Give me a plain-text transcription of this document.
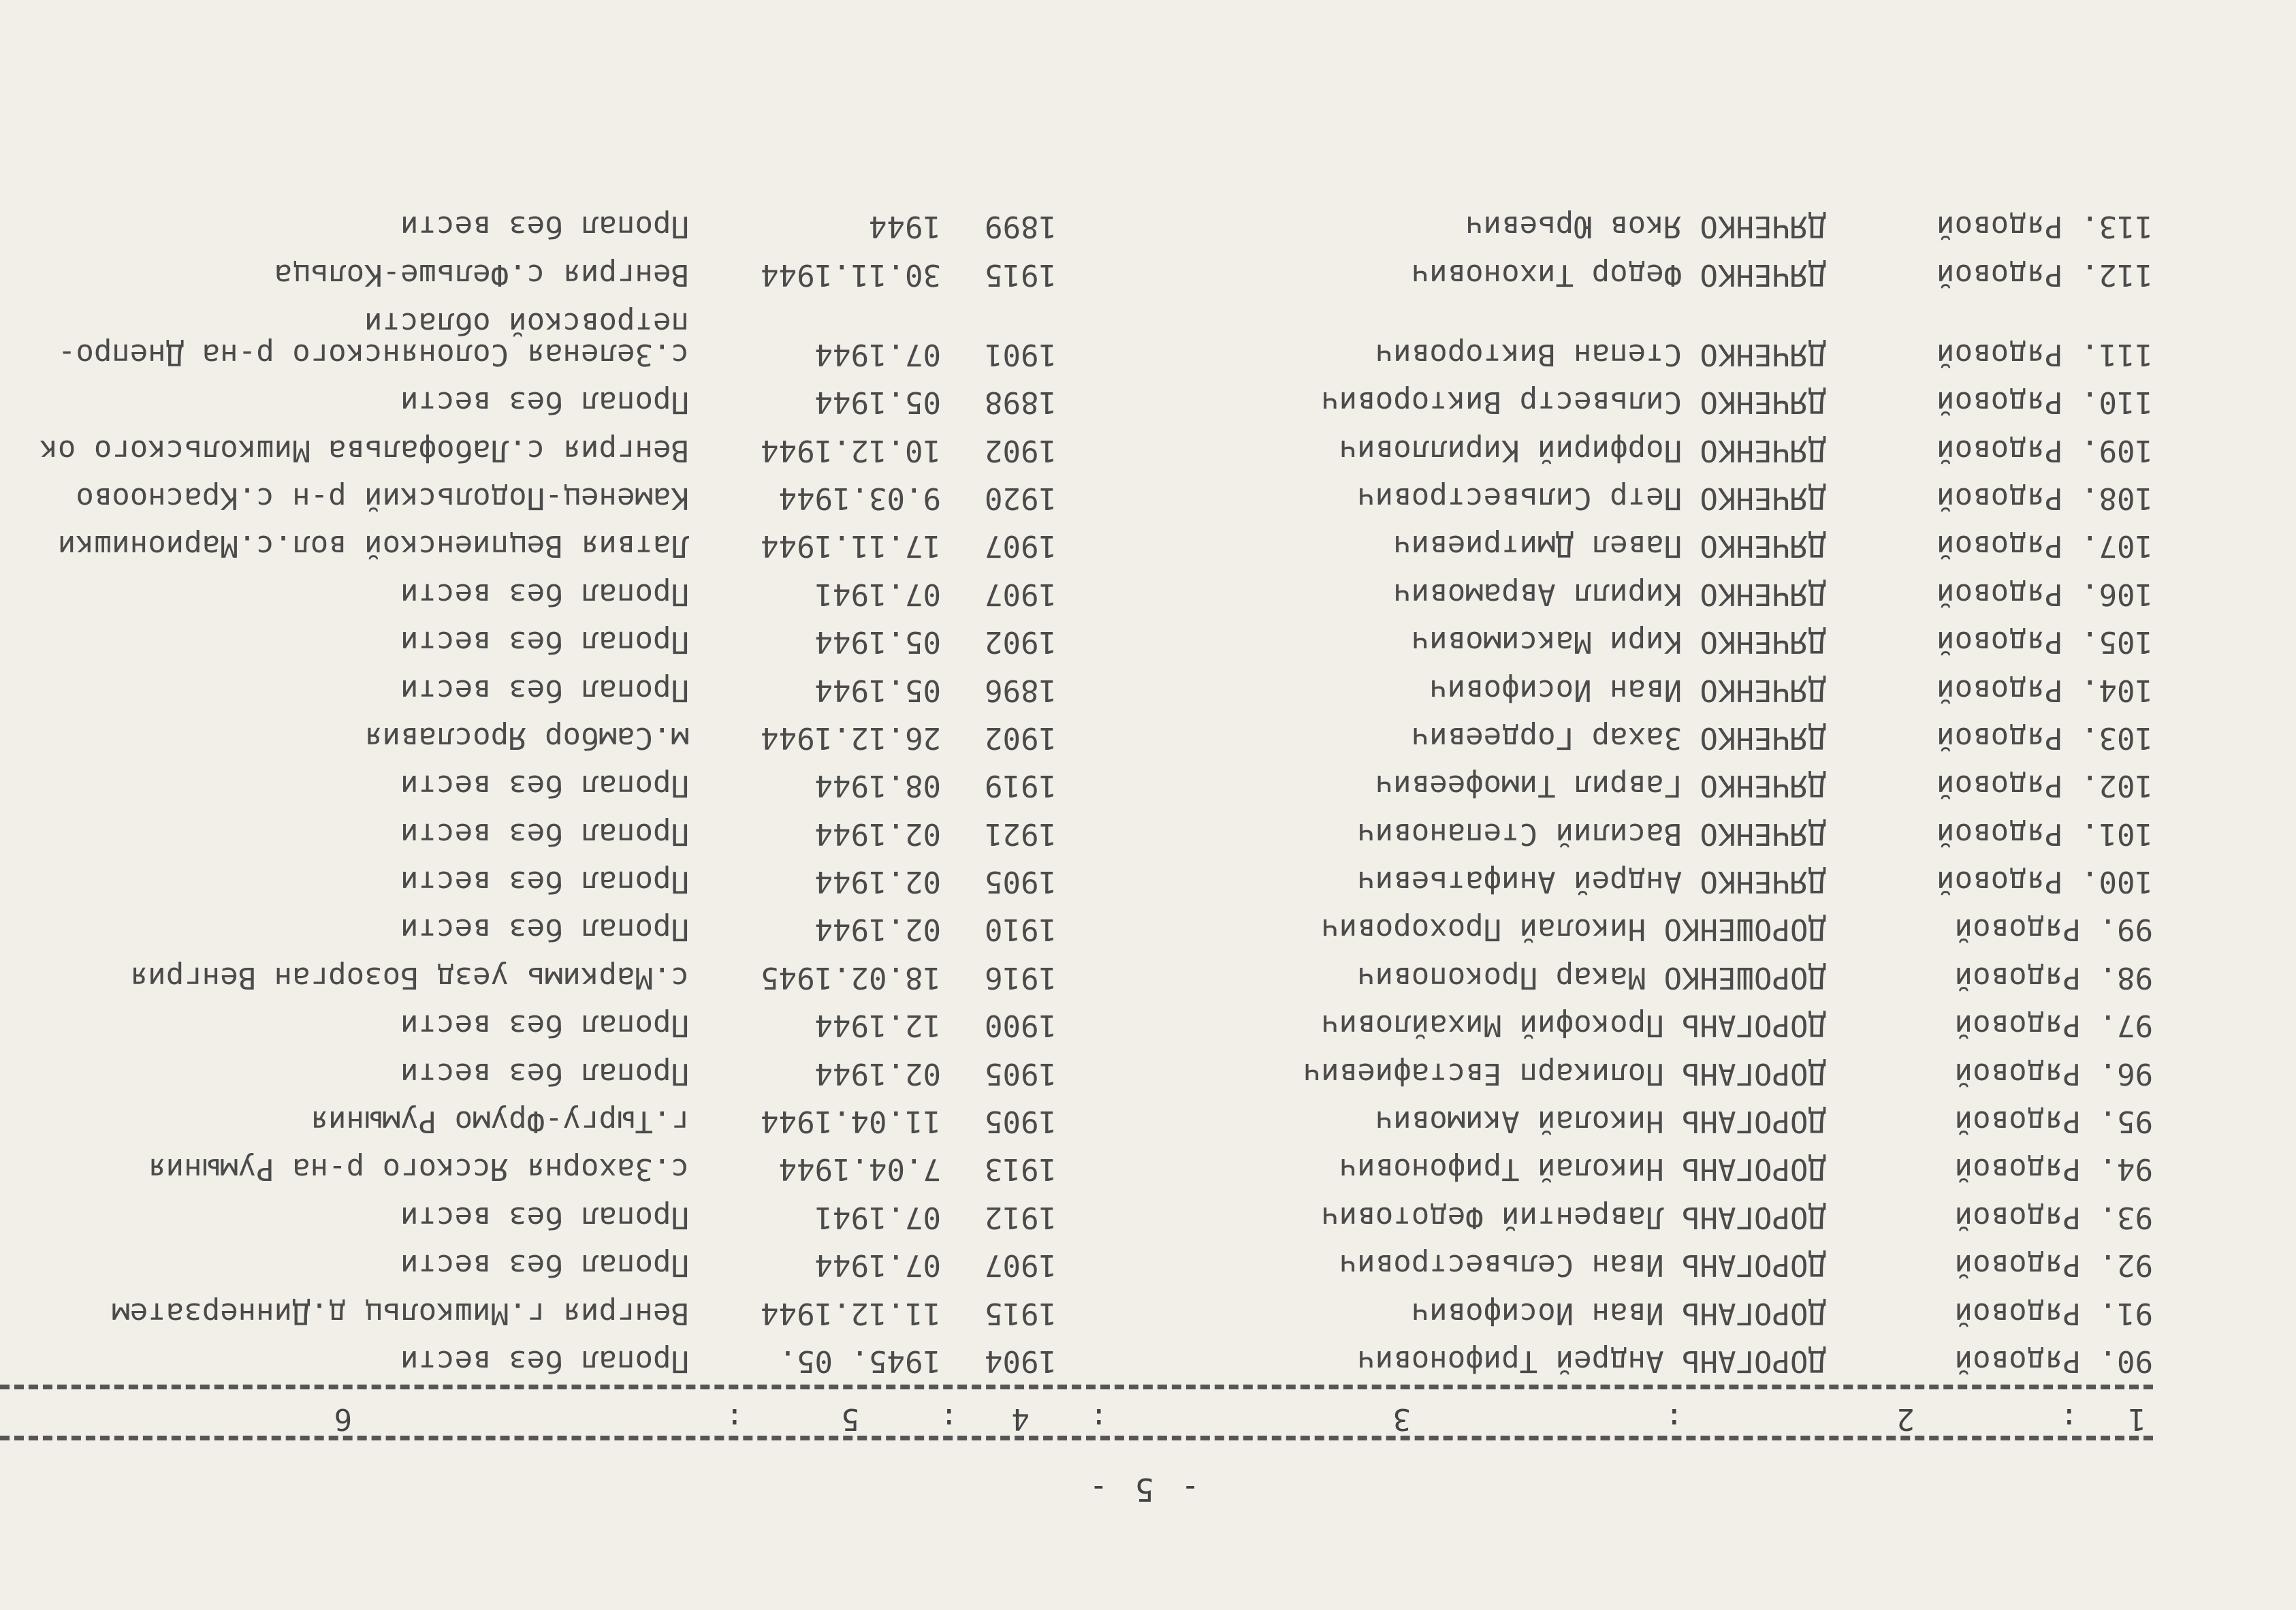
- 5 -
1
:
2
:
3
:
4
:
5
:
6
90. Рядовой
ДОРОГАНЬ Андрей Трифонович
1904
1945. 05.
Пропал без вести
91. Рядовой
ДОРОГАНЬ Иван Иосифович
1915
11.12.1944
Венгрия г.Мишкольц д.Диннерзатем
92. Рядовой
ДОРОГАНЬ Иван Сельвестрович
1907
07.1944
Пропал без вести
93. Рядовой
ДОРОГАНЬ Лаврентий Федотович
1912
07.1941
Пропал без вести
94. Рядовой
ДОРОГАНЬ Николай Трифонович
1913
7.04.1944
с.Захорня Ясского р-на Румыния
95. Рядовой
ДОРОГАНЬ Николай Акимович
1905
11.04.1944
г.Тыргу-Фрумо Румыния
96. Рядовой
ДОРОГАНЬ Поликарп Евстафиевич
1905
02.1944
Пропал без вести
97. Рядовой
ДОРОГАНЬ Прокофий Михайлович
1900
12.1944
Пропал без вести
98. Рядовой
ДОРОШЕНКО Макар Прокопович
1916
18.02.1945
с.Маркимь уезд Бозорган Венгрия
99. Рядовой
ДОРОШЕНКО Николай Прохорович
1910
02.1944
Пропал без вести
100. Рядовой
ДЯЧЕНКО Андрей Анифатьевич
1905
02.1944
Пропал без вести
101. Рядовой
ДЯЧЕНКО Василий Степанович
1921
02.1944
Пропал без вести
102. Рядовой
ДЯЧЕНКО Гаврил Тимофеевич
1919
08.1944
Пропал без вести
103. Рядовой
ДЯЧЕНКО Захар Гордеевич
1902
26.12.1944
м.Самбор Ярославия
104. Рядовой
ДЯЧЕНКО Иван Иосифович
1896
05.1944
Пропал без вести
105. Рядовой
ДЯЧЕНКО Кири Максимович
1902
05.1944
Пропал без вести
106. Рядовой
ДЯЧЕНКО Кирилл Аврамович
1907
07.1941
Пропал без вести
107. Рядовой
ДЯЧЕНКО Павел Дмитриевич
1907
17.11.1944
Латвия Вецпиенской вол.с.Марионишки
108. Рядовой
ДЯЧЕНКО Петр Сильвестрович
1920
9.03.1944
Каменец-Подольский р-н с.Красноово
109. Рядовой
ДЯЧЕНКО Порфирий Кириллович
1902
10.12.1944
Венгрия с.Лабофальва Мишкольского ок
110. Рядовой
ДЯЧЕНКО Сильвестр Викторович
1898
05.1944
Пропал без вести
111. Рядовой
ДЯЧЕНКО Степан Викторович
1901
07.1944
с.Зеленая Солонянского р-на Днепро-
петровской области
112. Рядовой
ДЯЧЕНКО Федор Тихонович
1915
30.11.1944
Венгрия с.Фельше-Кольца
113. Рядовой
ДЯЧЕНКО Яков Юрьевич
1899
1944
Пропал без вести
